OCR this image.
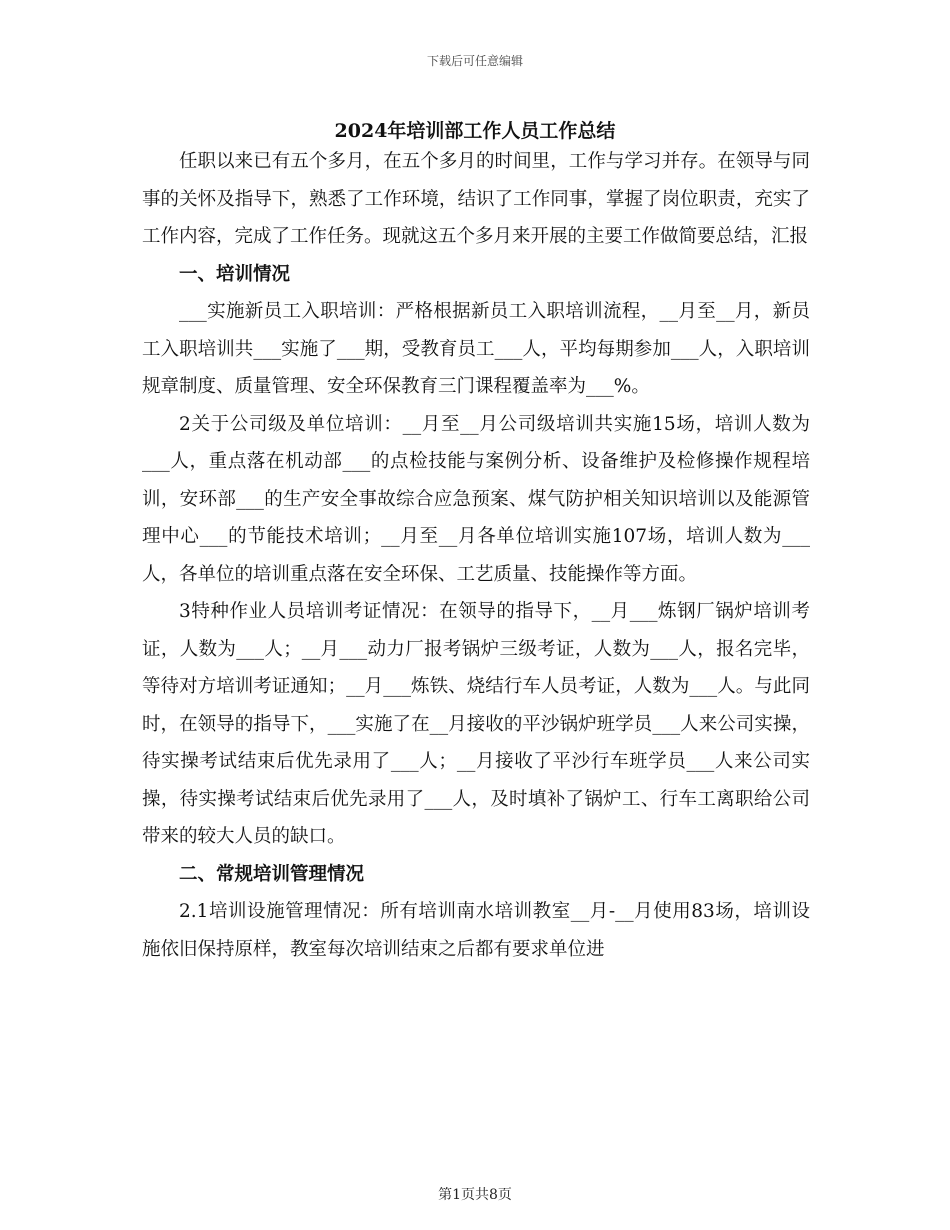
下载后可任意编辑
2024年培训部工作人员工作总结

任职以来已有五个多月，在五个多月的时间里，工作与学习并存。在领导与同事的关怀及指导下，熟悉了工作环境，结识了工作同事，掌握了岗位职责，充实了工作内容，完成了工作任务。现就这五个多月来开展的主要工作做简要总结，汇报

一、培训情况

___实施新员工入职培训：严格根据新员工入职培训流程，__月至__月，新员工入职培训共___实施了___期，受教育员工___人，平均每期参加___人，入职培训规章制度、质量管理、安全环保教育三门课程覆盖率为___%。

2关于公司级及单位培训：__月至__月公司级培训共实施15场，培训人数为___人，重点落在机动部___的点检技能与案例分析、设备维护及检修操作规程培训，安环部___的生产安全事故综合应急预案、煤气防护相关知识培训以及能源管理中心___的节能技术培训；__月至__月各单位培训实施107场，培训人数为___人，各单位的培训重点落在安全环保、工艺质量、技能操作等方面。

3特种作业人员培训考证情况：在领导的指导下，__月___炼钢厂锅炉培训考证，人数为___人；__月___动力厂报考锅炉三级考证，人数为___人，报名完毕，等待对方培训考证通知；__月___炼铁、烧结行车人员考证，人数为___人。与此同时，在领导的指导下，___实施了在__月接收的平沙锅炉班学员___人来公司实操，待实操考试结束后优先录用了___人；__月接收了平沙行车班学员___人来公司实操，待实操考试结束后优先录用了___人，及时填补了锅炉工、行车工离职给公司带来的较大人员的缺口。

二、常规培训管理情况

2.1培训设施管理情况：所有培训南水培训教室__月-__月使用83场，培训设施依旧保持原样，教室每次培训结束之后都有要求单位进

第1页共8页
